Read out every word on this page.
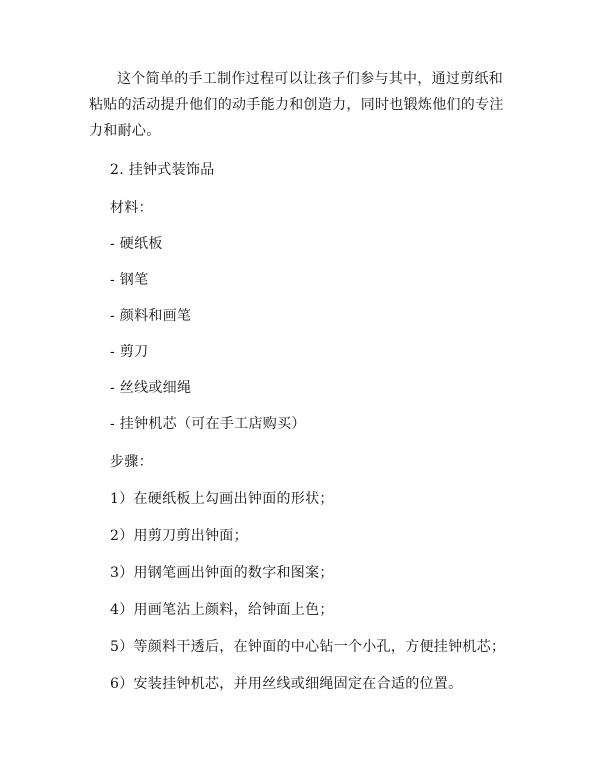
这个简单的手工制作过程可以让孩子们参与其中，通过剪纸和粘贴的活动提升他们的动手能力和创造力，同时也锻炼他们的专注力和耐心。

2. 挂钟式装饰品

材料：

- 硬纸板

- 钢笔

- 颜料和画笔

- 剪刀

- 丝线或细绳

- 挂钟机芯（可在手工店购买）

步骤：

1）在硬纸板上勾画出钟面的形状；

2）用剪刀剪出钟面；

3）用钢笔画出钟面的数字和图案；

4）用画笔沾上颜料，给钟面上色；

5）等颜料干透后，在钟面的中心钻一个小孔，方便挂钟机芯；

6）安装挂钟机芯，并用丝线或细绳固定在合适的位置。
